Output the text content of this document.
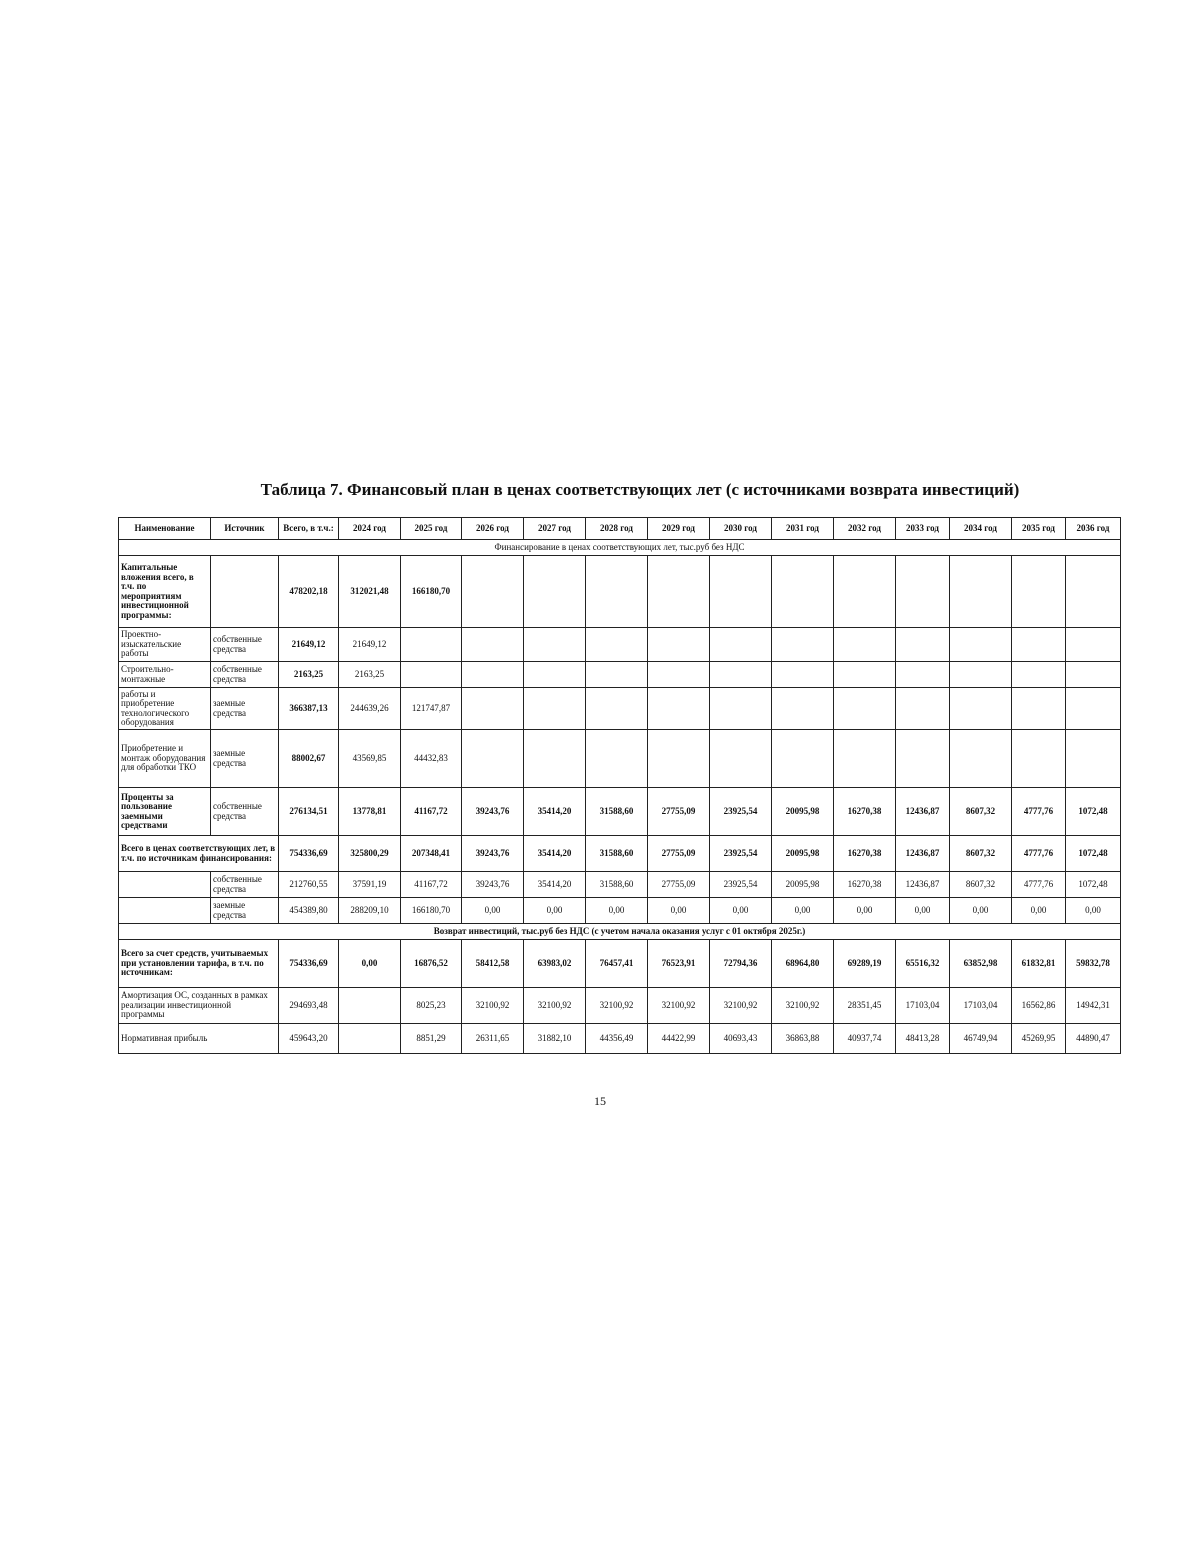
Таблица 7. Финансовый план в ценах соответствующих лет (с источниками возврата инвестиций)
Наименование	Источник	Всего, в т.ч.:	2024 год	2025 год	2026 год	2027 год	2028 год	2029 год	2030 год	2031 год	2032 год	2033 год	2034 год	2035 год	2036 год
Финансирование в ценах соответствующих лет, тыс.руб без НДС															
Капитальные вложения всего, в т.ч. по мероприятиям инвестиционной программы:		478202,18	312021,48	166180,70											
Проектно-изыскательские работы	собственные средства	21649,12	21649,12												
Строительно-монтажные	собственные средства	2163,25	2163,25												
работы и приобретение технологического оборудования	заемные средства	366387,13	244639,26	121747,87											
Приобретение и монтаж оборудования для обработки ТКО	заемные средства	88002,67	43569,85	44432,83											
Проценты за пользование заемными средствами	собственные средства	276134,51	13778,81	41167,72	39243,76	35414,20	31588,60	27755,09	23925,54	20095,98	16270,38	12436,87	8607,32	4777,76	1072,48
Всего в ценах соответствующих лет, в т.ч. по источникам финансирования:		754336,69	325800,29	207348,41	39243,76	35414,20	31588,60	27755,09	23925,54	20095,98	16270,38	12436,87	8607,32	4777,76	1072,48
	собственные средства	212760,55	37591,19	41167,72	39243,76	35414,20	31588,60	27755,09	23925,54	20095,98	16270,38	12436,87	8607,32	4777,76	1072,48
	заемные средства	454389,80	288209,10	166180,70	0,00	0,00	0,00	0,00	0,00	0,00	0,00	0,00	0,00	0,00	0,00
Возврат инвестиций, тыс.руб без НДС (с учетом начала оказания услуг с 01 октября 2025г.)															
Всего за счет средств, учитываемых при установлении тарифа, в т.ч. по источникам:		754336,69	0,00	16876,52	58412,58	63983,02	76457,41	76523,91	72794,36	68964,80	69289,19	65516,32	63852,98	61832,81	59832,78
Амортизация ОС, созданных в рамках реализации инвестиционной программы		294693,48		8025,23	32100,92	32100,92	32100,92	32100,92	32100,92	32100,92	28351,45	17103,04	17103,04	16562,86	14942,31
Нормативная прибыль		459643,20		8851,29	26311,65	31882,10	44356,49	44422,99	40693,43	36863,88	40937,74	48413,28	46749,94	45269,95	44890,47
15
